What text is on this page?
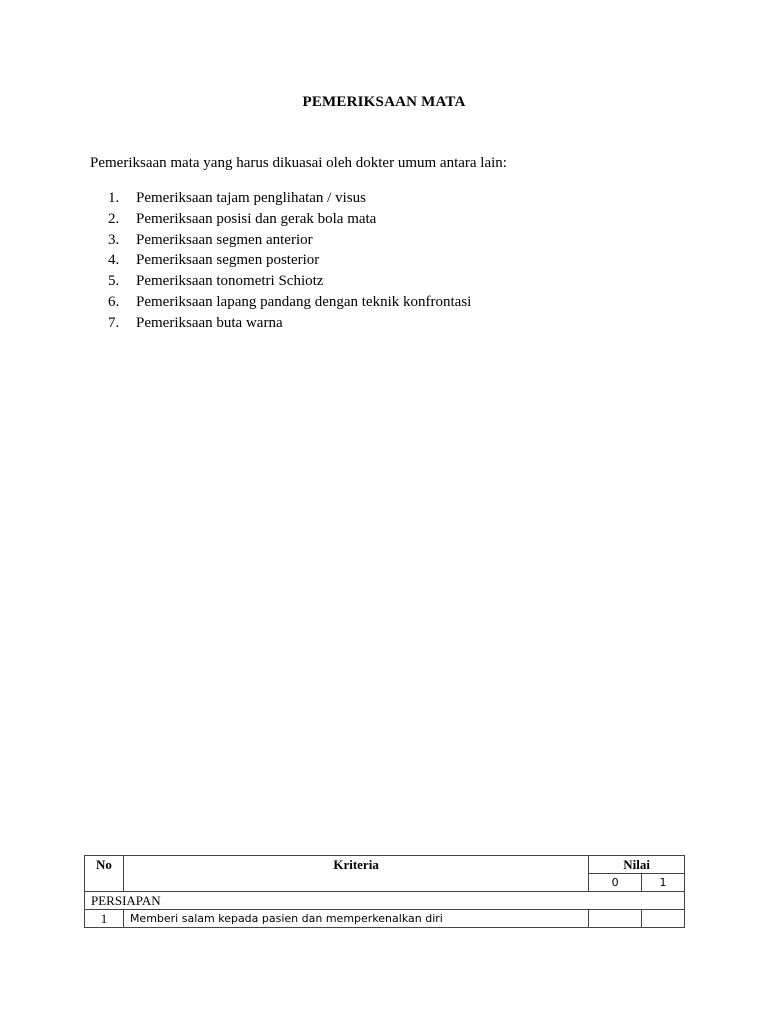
PEMERIKSAAN MATA
Pemeriksaan mata yang harus dikuasai oleh dokter umum antara lain:
1. Pemeriksaan tajam penglihatan / visus
2. Pemeriksaan posisi dan gerak bola mata
3. Pemeriksaan segmen anterior
4. Pemeriksaan segmen posterior
5. Pemeriksaan tonometri Schiotz
6. Pemeriksaan lapang pandang dengan teknik konfrontasi
7. Pemeriksaan buta warna
No	Kriteria	Nilai	
		0	1
PERSIAPAN			
1	Memberi salam kepada pasien dan memperkenalkan diri		
